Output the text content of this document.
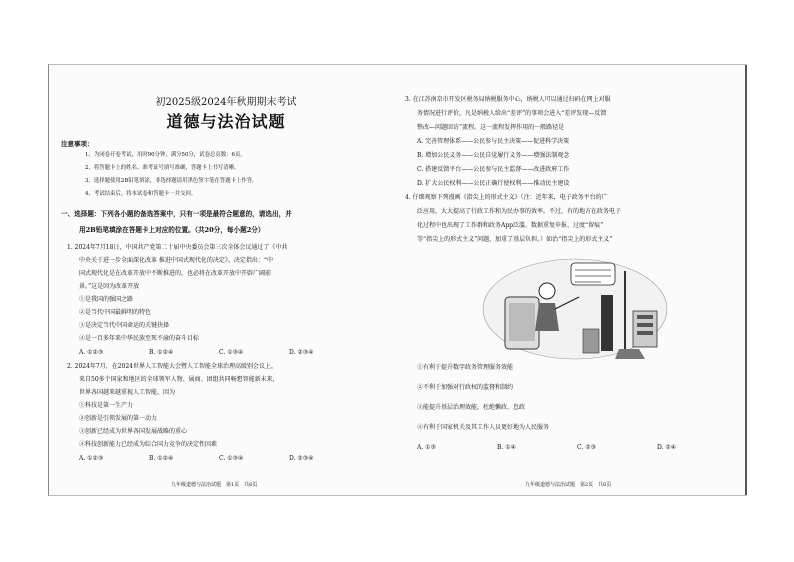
初2025级2024年秋期期末考试
道德与法治试题
注意事项：
1、为闭卷开卷考试，用时90分钟，满分50分，试卷总页数：6页。
2、将答题卡上的姓名、准考证号填写准确，答题卡上书写清晰。
3、选择题使用2B铅笔填涂，非选择题请用黑色签字笔在答题卡上作答。
4、考试结束后，将本试卷和答题卡一并交回。
一、选择题：下列各小题的备选答案中，只有一项是最符合题意的，请选出，并
用2B铅笔填涂在答题卡上对应的位置。（共20分，每小题2分）
1. 2024年7月18日，中国共产党第二十届中央委员会第三次全体会议通过了《中共
中央关于进一步全面深化改革 推进中国式现代化的决定》。决定指出：“中
国式现代化是在改革开放中不断推进的，也必将在改革开放中开辟广阔前
景。”这是因为改革开放
①是我国的强国之路
②是当代中国最鲜明的特色
③是决定当代中国命运的关键抉择
④是一百多年来中华民族至死不渝的奋斗目标
A. ①②③	B. ①②④	C. ①③④	D. ②③④
2. 2024年7月，在2024世界人工智能大会暨人工智能全球治理高级别会议上，
来自50多个国家和地区的全球领军人物、展商、团组共同畅想智能新未来，
世界各国越来越重视人工智能，因为
①科技是第一生产力
②创新是引领发展的第一动力
③创新已经成为世界各国发展战略的重心
④科技创新能力已经成为综合国力竞争的决定性因素
A. ①②③	B. ①②④	C. ①③④	D. ②③④
九年级道德与法治试题　第1页　共6页
3. 在江苏南京市开发区税务局纳税服务中心，纳税人可以通过扫码在网上对服
务情况进行评价，凡是纳税人给出“差评”的事项会进入“差评发现—反馈
整改—问题回访”流程。这一流程发挥作用的一般路径是
A. 完善管理体系——公民参与民主决策——促进科学决策
B. 增加公民义务——公民自觉履行义务——增强法制观念
C. 搭建反馈平台——公民参与民主监督——改进政府工作
D. 扩大公民权利——公民正确行使权利——推动民主建设
4. 仔细观察下列漫画《指尖上的形式主义》（注：近年来，电子政务平台的广
泛应用，大大提高了行政工作和为民办事的效率。不过，有的地方在政务电子
化过程中也出现了工作群和政务App泛滥、数据重复申报、过度“留痕”
等“指尖上的形式主义”问题，加重了基层负担。）如治“指尖上的形式主义”
①有利于提升数字政务管理服务效能
②不利于加强对行政权的监督和制约
③能提升基层治理效能，杜绝懒政、怠政
④有利于国家机关及其工作人员更好地为人民服务
A. ①③	B. ①④	C. ②③	D. ②④
九年级道德与法治试题　第2页　共6页
